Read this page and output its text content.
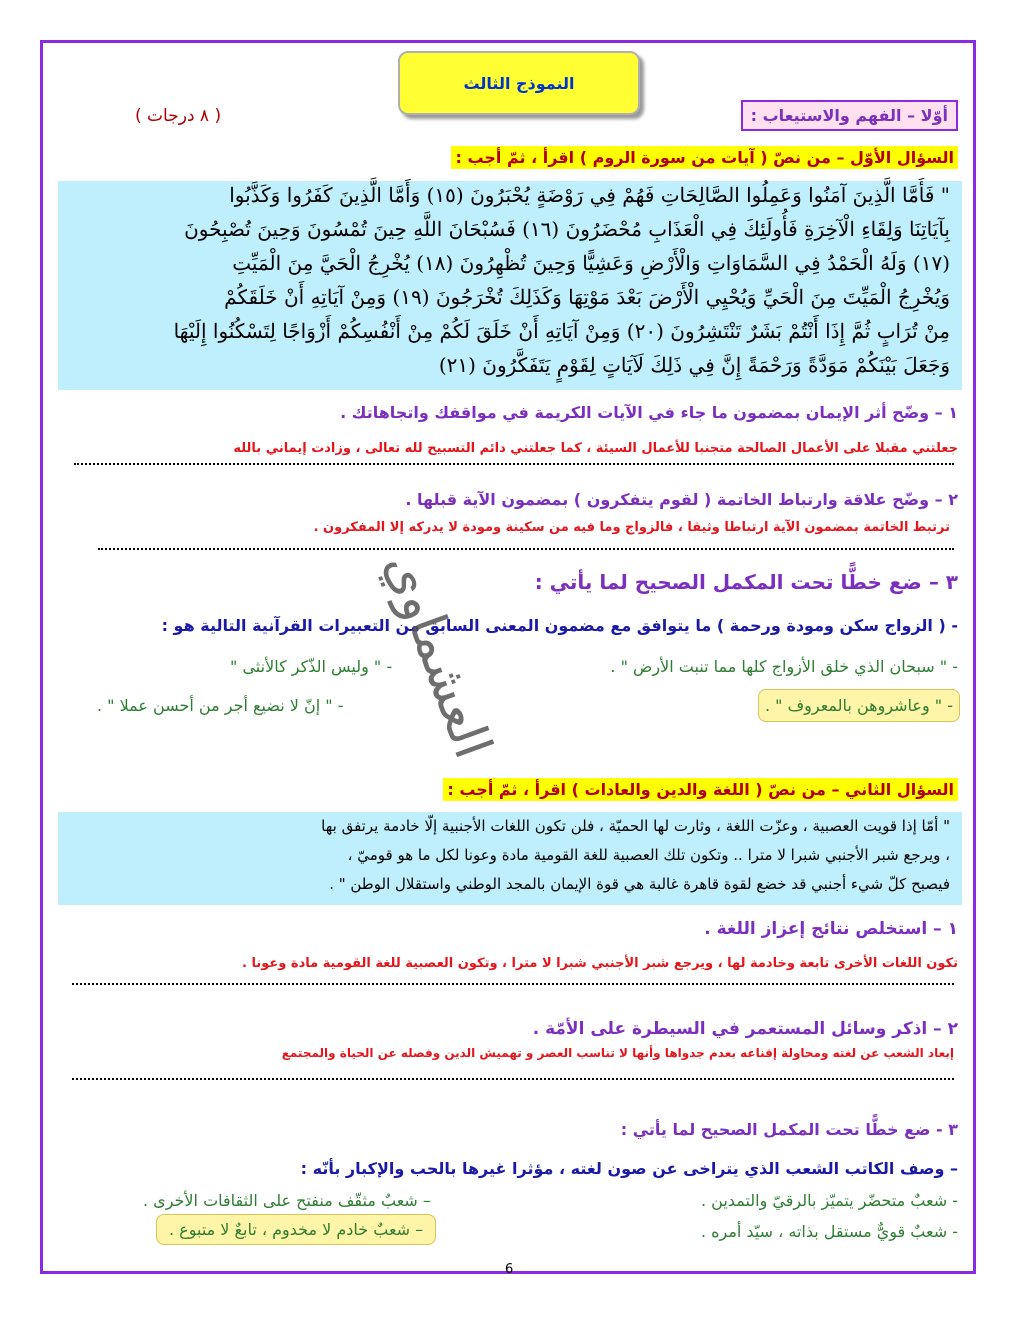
النموذج الثالث
أوّلا – الفهم والاستيعاب :
( ٨ درجات )
السؤال الأوّل – من نصّ ( آيات من سورة الروم ) اقرأ ، ثمّ أجب :
" فَأَمَّا الَّذِينَ آمَنُوا وَعَمِلُوا الصَّالِحَاتِ فَهُمْ فِي رَوْضَةٍ يُحْبَرُونَ (١٥) وَأَمَّا الَّذِينَ كَفَرُوا وَكَذَّبُوا
بِآيَاتِنَا وَلِقَاءِ الْآخِرَةِ فَأُولَئِكَ فِي الْعَذَابِ مُحْضَرُونَ (١٦) فَسُبْحَانَ اللَّهِ حِينَ تُمْسُونَ وَحِينَ تُصْبِحُونَ
(١٧) وَلَهُ الْحَمْدُ فِي السَّمَاوَاتِ وَالْأَرْضِ وَعَشِيًّا وَحِينَ تُظْهِرُونَ (١٨) يُخْرِجُ الْحَيَّ مِنَ الْمَيِّتِ
وَيُخْرِجُ الْمَيِّتَ مِنَ الْحَيِّ وَيُحْيِي الْأَرْضَ بَعْدَ مَوْتِهَا وَكَذَلِكَ تُخْرَجُونَ (١٩) وَمِنْ آيَاتِهِ أَنْ خَلَقَكُمْ
مِنْ تُرَابٍ ثُمَّ إِذَا أَنْتُمْ بَشَرٌ تَنْتَشِرُونَ (٢٠) وَمِنْ آيَاتِهِ أَنْ خَلَقَ لَكُمْ مِنْ أَنْفُسِكُمْ أَزْوَاجًا لِتَسْكُنُوا إِلَيْهَا
وَجَعَلَ بَيْنَكُمْ مَوَدَّةً وَرَحْمَةً إِنَّ فِي ذَلِكَ لَآيَاتٍ لِقَوْمٍ يَتَفَكَّرُونَ (٢١)
١ – وضّح أثر الإيمان بمضمون ما جاء في الآيات الكريمة في مواقفك واتجاهاتك .
جعلتني مقبلا على الأعمال الصالحة متجنبا للأعمال السيئة ، كما جعلتني دائم التسبيح لله تعالى ، وزادت إيماني بالله
٢ – وضّح علاقة وارتباط الخاتمة ( لقوم يتفكرون ) بمضمون الآية قبلها .
ترتبط الخاتمة بمضمون الآية ارتباطا وثيقا ، فالزواج وما فيه من سكينة ومودة لا يدركه إلا المفكرون .
٣ – ضع خطًّا تحت المكمل الصحيح لما يأتي :
- ( الزواج سكن ومودة ورحمة ) ما يتوافق مع مضمون المعنى السابق من التعبيرات القرآنية التالية هو :
- " سبحان الذي خلق الأزواج كلها مما تنبت الأرض " .
- " وليس الذّكر كالأنثى "
- " وعاشروهن بالمعروف " .
- " إنّ لا نضيع أجر من أحسن عملا " . العشماوي
السؤال الثاني – من نصّ ( اللغة والدين والعادات ) اقرأ ، ثمّ أجب :
" أمّا إذا قويت العصبية ، وعزّت اللغة ، وثارت لها الحميّة ، فلن تكون اللغات الأجنبية إلّا خادمة يرتفق بها
، ويرجع شبر الأجنبي شبرا لا مترا .. وتكون تلك العصبية للغة القومية مادة وعونا لكل ما هو قوميّ ،
فيصبح كلّ شيء أجنبي قد خضع لقوة قاهرة غالبة هي قوة الإيمان بالمجد الوطني واستقلال الوطن " .
١ – استخلص نتائج إعزاز اللغة .
تكون اللغات الأخرى تابعة وخادمة لها ، ويرجع شبر الأجنبي شبرا لا مترا ، وتكون العصبية للغة القومية مادة وعونا .
٢ – اذكر وسائل المستعمر في السيطرة على الأمّة .
إبعاد الشعب عن لغته ومحاولة إقناعه بعدم جدواها وأنها لا تناسب العصر و تهميش الدين وفصله عن الحياة والمجتمع
٣ - ضع خطًّا تحت المكمل الصحيح لما يأتي :
– وصف الكاتب الشعب الذي يتراخى عن صون لغته ، مؤثرا غيرها بالحب والإكبار بأنّه :
- شعبٌ متحضّر يتميّز بالرقيّ والتمدين .
– شعبٌ مثقّف منفتح على الثقافات الأخرى .
- شعبٌ قويٌّ مستقل بذاته ، سيّد أمره .
– شعبٌ خادم لا مخدوم ، تابعٌ لا متبوع .
6
